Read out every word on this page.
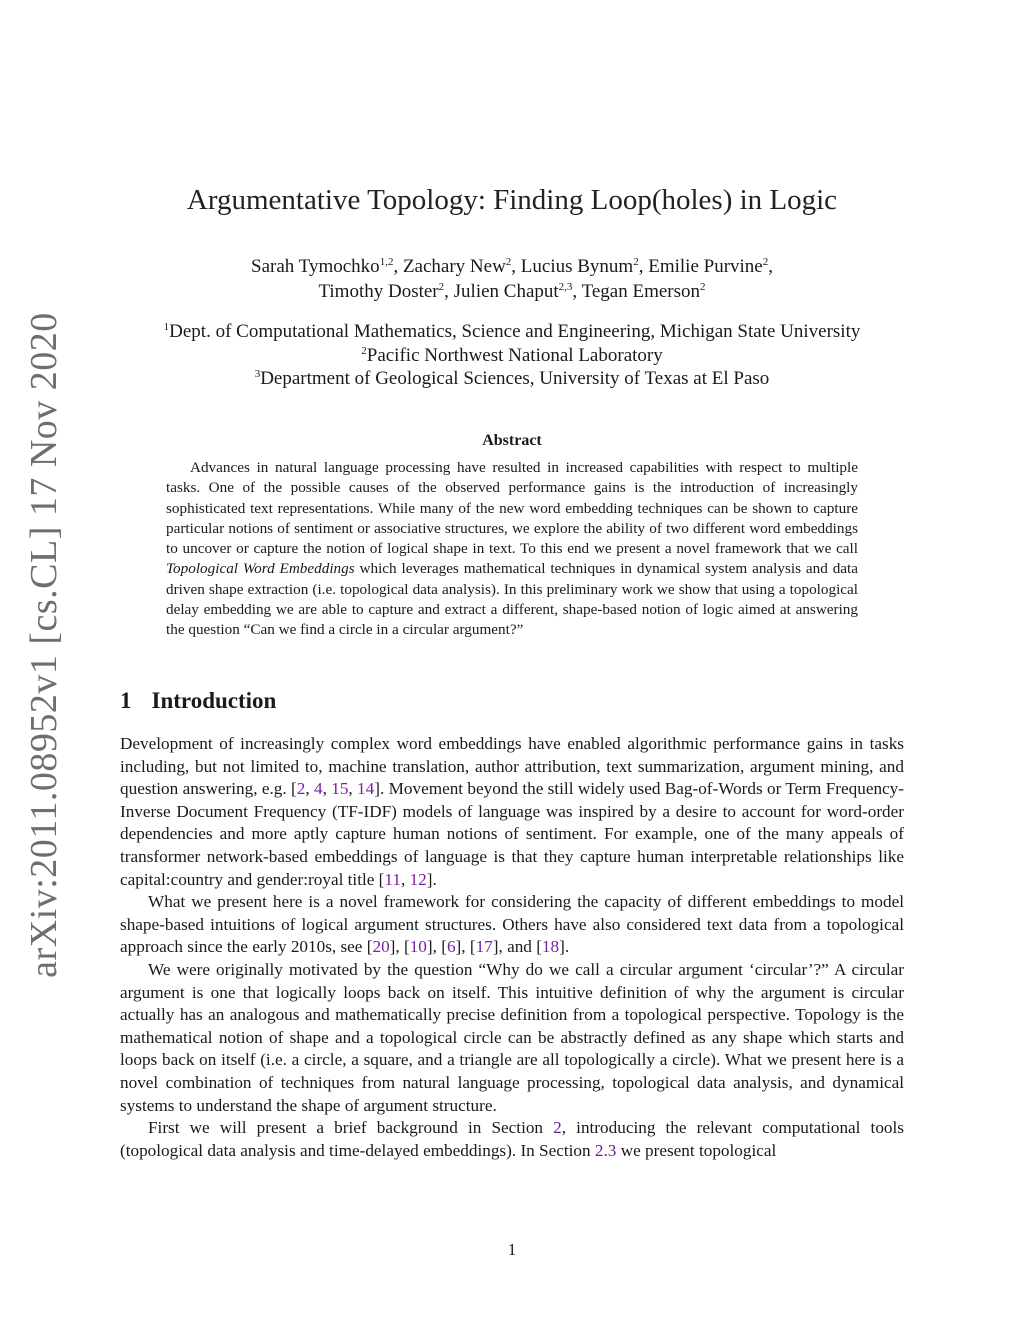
arXiv:2011.08952v1 [cs.CL] 17 Nov 2020
Argumentative Topology: Finding Loop(holes) in Logic
Sarah Tymochko$^{1,2}$, Zachary New$^2$, Lucius Bynum$^2$, Emilie Purvine$^2$,
Timothy Doster$^2$, Julien Chaput$^{2,3}$, Tegan Emerson$^2$
$^1$Dept. of Computational Mathematics, Science and Engineering, Michigan State University
$^2$Pacific Northwest National Laboratory
$^3$Department of Geological Sciences, University of Texas at El Paso
Abstract

Advances in natural language processing have resulted in increased capabilities with respect to multiple tasks. One of the possible causes of the observed performance gains is the introduction of increasingly sophisticated text representations. While many of the new word embedding techniques can be shown to capture particular notions of sentiment or associative structures, we explore the ability of two different word embeddings to uncover or capture the notion of logical shape in text. To this end we present a novel framework that we call Topological Word Embeddings which leverages mathematical techniques in dynamical system analysis and data driven shape extraction (i.e. topological data analysis). In this preliminary work we show that using a topological delay embedding we are able to capture and extract a different, shape-based notion of logic aimed at answering the question “Can we find a circle in a circular argument?”

1 Introduction

Development of increasingly complex word embeddings have enabled algorithmic performance gains in tasks including, but not limited to, machine translation, author attribution, text summarization, argument mining, and question answering, e.g. [2, 4, 15, 14]. Movement beyond the still widely used Bag-of-Words or Term Frequency-Inverse Document Frequency (TF-IDF) models of language was inspired by a desire to account for word-order dependencies and more aptly capture human notions of sentiment. For example, one of the many appeals of transformer network-based embeddings of language is that they capture human interpretable relationships like capital:country and gender:royal title [11, 12].

What we present here is a novel framework for considering the capacity of different embeddings to model shape-based intuitions of logical argument structures. Others have also considered text data from a topological approach since the early 2010s, see [20], [10], [6], [17], and [18].

We were originally motivated by the question “Why do we call a circular argument ‘circular’?” A circular argument is one that logically loops back on itself. This intuitive definition of why the argument is circular actually has an analogous and mathematically precise definition from a topological perspective. Topology is the mathematical notion of shape and a topological circle can be abstractly defined as any shape which starts and loops back on itself (i.e. a circle, a square, and a triangle are all topologically a circle). What we present here is a novel combination of techniques from natural language processing, topological data analysis, and dynamical systems to understand the shape of argument structure.

First we will present a brief background in Section 2, introducing the relevant computational tools (topological data analysis and time-delayed embeddings). In Section 2.3 we present topological

1
